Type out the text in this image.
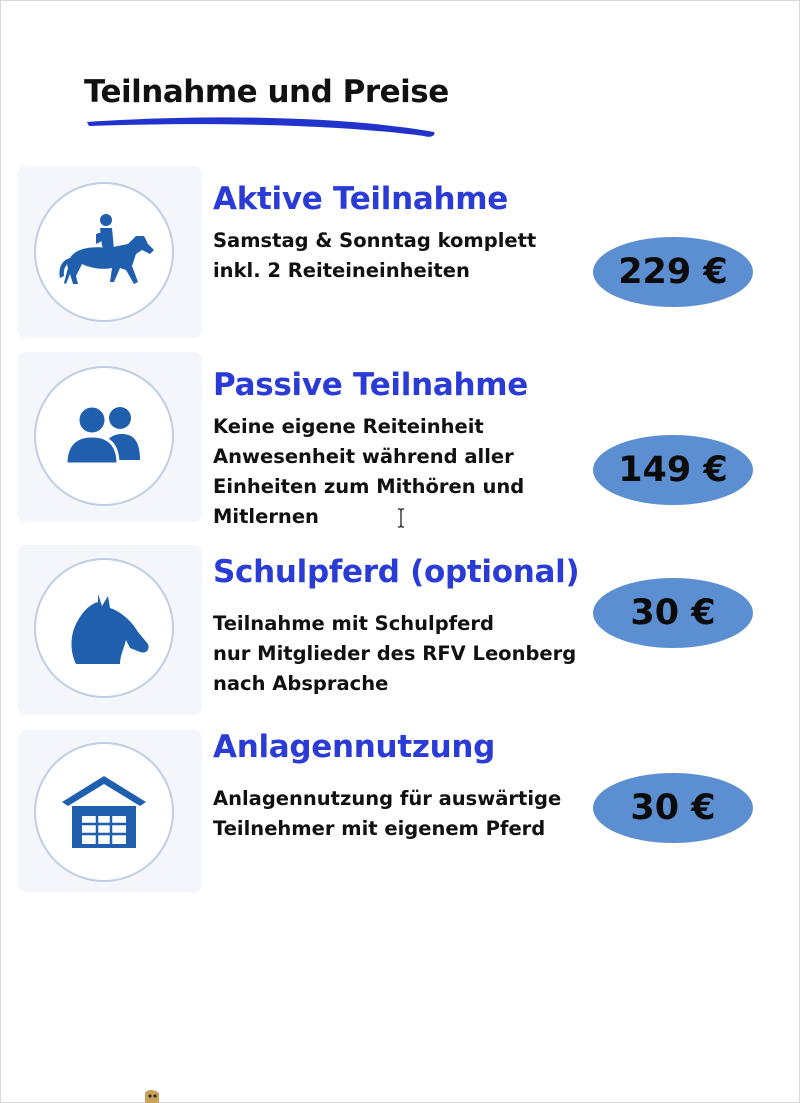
Teilnahme und Preise
Aktive Teilnahme
Samstag & Sonntag komplett
inkl. 2 Reiteineinheiten	229 €
Passive Teilnahme
Keine eigene Reiteinheit
Anwesenheit während aller
Einheiten zum Mithören und
Mitlernen
149 €
Schulpferd (optional)
Teilnahme mit Schulpferd
nur Mitglieder des RFV Leonberg
nach Absprache
30 €
Anlagennutzung
Anlagennutzung für auswärtige
Teilnehmer mit eigenem Pferd
30 €
